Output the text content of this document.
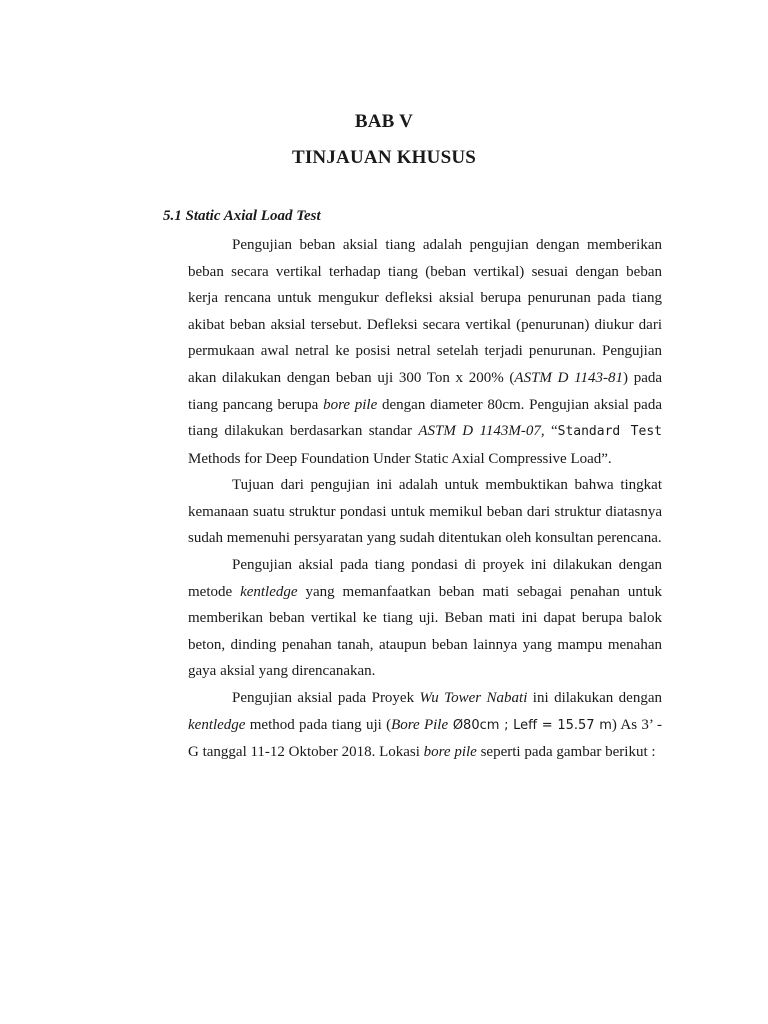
BAB V
TINJAUAN KHUSUS
5.1 Static Axial Load Test

Pengujian beban aksial tiang adalah pengujian dengan memberikan beban secara vertikal terhadap tiang (beban vertikal) sesuai dengan beban kerja rencana untuk mengukur defleksi aksial berupa penurunan pada tiang akibat beban aksial tersebut. Defleksi secara vertikal (penurunan) diukur dari permukaan awal netral ke posisi netral setelah terjadi penurunan. Pengujian akan dilakukan dengan beban uji 300 Ton x 200% (ASTM D 1143-81) pada tiang pancang berupa bore pile dengan diameter 80cm. Pengujian aksial pada tiang dilakukan berdasarkan standar ASTM D 1143M-07, “Standard Test Methods for Deep Foundation Under Static Axial Compressive Load”.

Tujuan dari pengujian ini adalah untuk membuktikan bahwa tingkat kemanaan suatu struktur pondasi untuk memikul beban dari struktur diatasnya sudah memenuhi persyaratan yang sudah ditentukan oleh konsultan perencana.

Pengujian aksial pada tiang pondasi di proyek ini dilakukan dengan metode kentledge yang memanfaatkan beban mati sebagai penahan untuk memberikan beban vertikal ke tiang uji. Beban mati ini dapat berupa balok beton, dinding penahan tanah, ataupun beban lainnya yang mampu menahan gaya aksial yang direncanakan.

Pengujian aksial pada Proyek Wu Tower Nabati ini dilakukan dengan kentledge method pada tiang uji (Bore Pile Ø80cm ; Leff = 15.57 m) As 3’ - G tanggal 11-12 Oktober 2018. Lokasi bore pile seperti pada gambar berikut :
